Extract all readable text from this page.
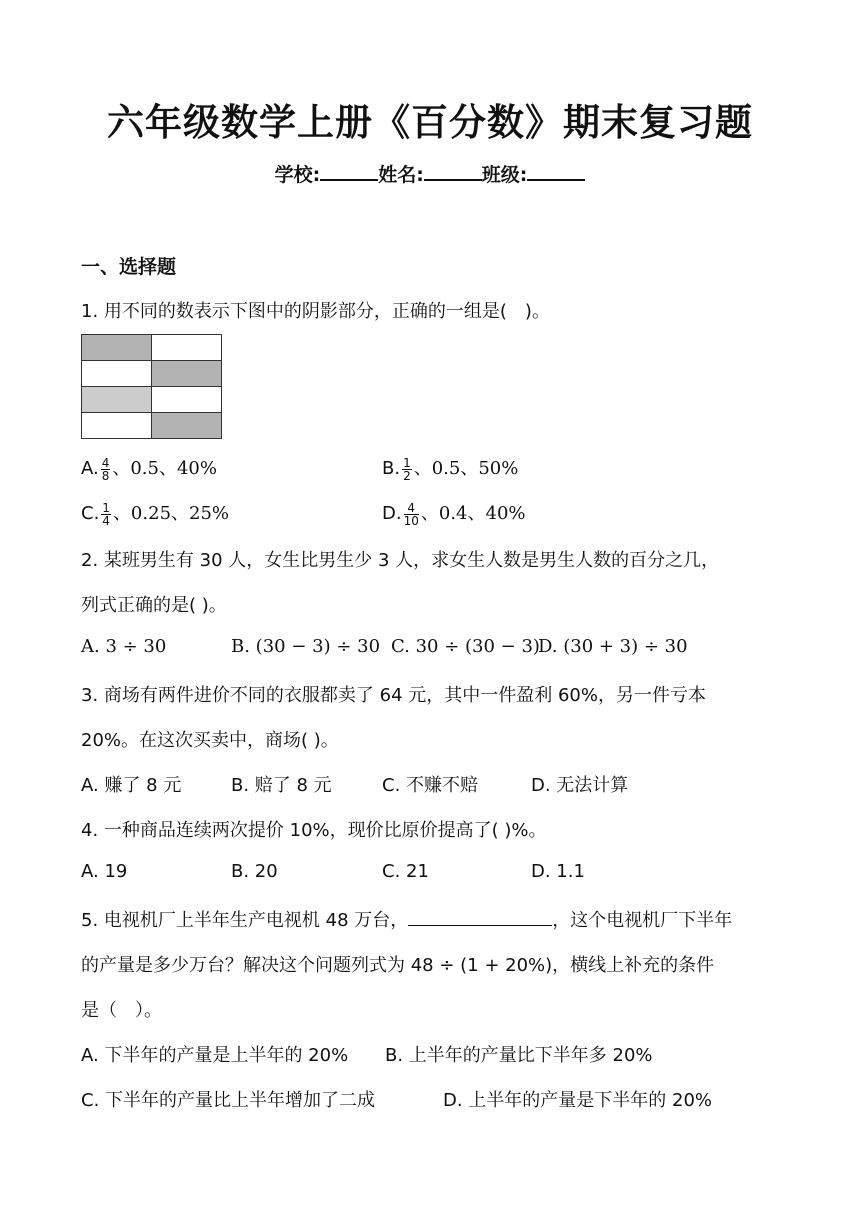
六年级数学上册《百分数》期末复习题
学校:	姓名:	班级:
一、选择题
1. 用不同的数表示下图中的阴影部分，正确的一组是(　)。

A. $\frac{4}{8}$ 、0.5、40%	B. $\frac{1}{2}$ 、0.5、50%
C. $\frac{1}{4}$ 、0.25、25%	D. $\frac{4}{10}$ 、0.4、40%
2. 某班男生有 30 人，女生比男生少 3 人，求女生人数是男生人数的百分之几，
列式正确的是( )。
A. 3 ÷ 30	B. (30 − 3) ÷ 30 C. 30 ÷ (30 − 3)
D. (30 + 3) ÷ 30
3. 商场有两件进价不同的衣服都卖了 64 元，其中一件盈利 60%，另一件亏本
20%。在这次买卖中，商场( )。
A. 赚了 8 元	B. 赔了 8 元	C. 不赚不赔	D. 无法计算
4. 一种商品连续两次提价 10%，现价比原价提高了( )%。
A. 19	B. 20	C. 21	D. 1.1
5. 电视机厂上半年生产电视机 48 万台，	，这个电视机厂下半年
的产量是多少万台？解决这个问题列式为 48 ÷ (1 + 20%)，横线上补充的条件
是（　）。
A. 下半年的产量是上半年的 20% B. 上半年的产量比下半年多 20%
C. 下半年的产量比上半年增加了二成	D. 上半年的产量是下半年的 20%
